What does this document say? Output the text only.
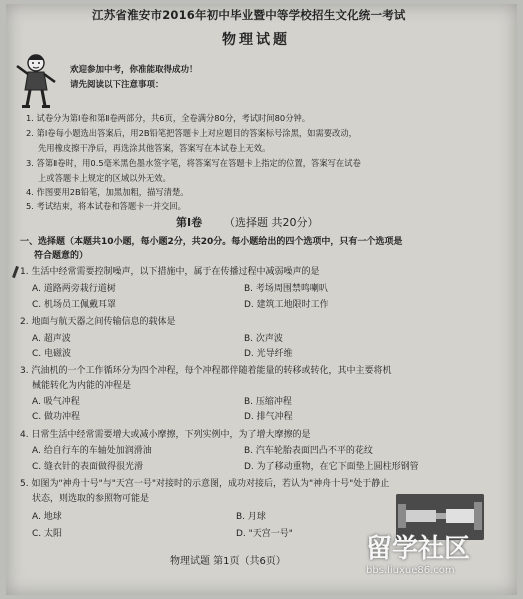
江苏省淮安市2016年初中毕业暨中等学校招生文化统一考试
物理试题
欢迎参加中考，你准能取得成功！
请先阅读以下注意事项：
1. 试卷分为第Ⅰ卷和第Ⅱ卷两部分，共6页，全卷满分80分，考试时间80分钟。
2. 第Ⅰ卷每小题选出答案后，用2B铅笔把答题卡上对应题目的答案标号涂黑，如需要改动，
先用橡皮擦干净后，再选涂其他答案，答案写在本试卷上无效。
3. 答第Ⅱ卷时，用0.5毫米黑色墨水签字笔，将答案写在答题卡上指定的位置，答案写在试卷
上或答题卡上规定的区域以外无效。
4. 作图要用2B铅笔，加黑加粗，描写清楚。
5. 考试结束，将本试卷和答题卡一并交回。
第Ⅰ卷 （选择题 共20分）
一、选择题（本题共10小题，每小题2分，共20分。每小题给出的四个选项中，只有一个选项是
符合题意的）
1. 生活中经常需要控制噪声，以下措施中，属于在传播过程中减弱噪声的是
A. 道路两旁栽行道树	B. 考场周围禁鸣喇叭
C. 机场员工佩戴耳罩	D. 建筑工地限时工作
2. 地面与航天器之间传输信息的载体是
A. 超声波	B. 次声波
C. 电磁波	D. 光导纤维
3. 汽油机的一个工作循环分为四个冲程，每个冲程都伴随着能量的转移或转化，其中主要将机
械能转化为内能的冲程是
A. 吸气冲程	B. 压缩冲程
C. 做功冲程	D. 排气冲程
4. 日常生活中经常需要增大或减小摩擦，下列实例中，为了增大摩擦的是
A. 给自行车的车轴处加润滑油	B. 汽车轮胎表面凹凸不平的花纹
C. 缝衣针的表面做得很光滑	D. 为了移动重物，在它下面垫上圆柱形钢管
5. 如图为"神舟十号"与"天宫一号"对接时的示意图，成功对接后，若认为"神舟十号"处于静止
状态，则选取的参照物可能是
A. 地球	B. 月球
C. 太阳	D. "天宫一号"
物理试题 第1页（共6页）	留学社区
bbs.liuxue86.com
